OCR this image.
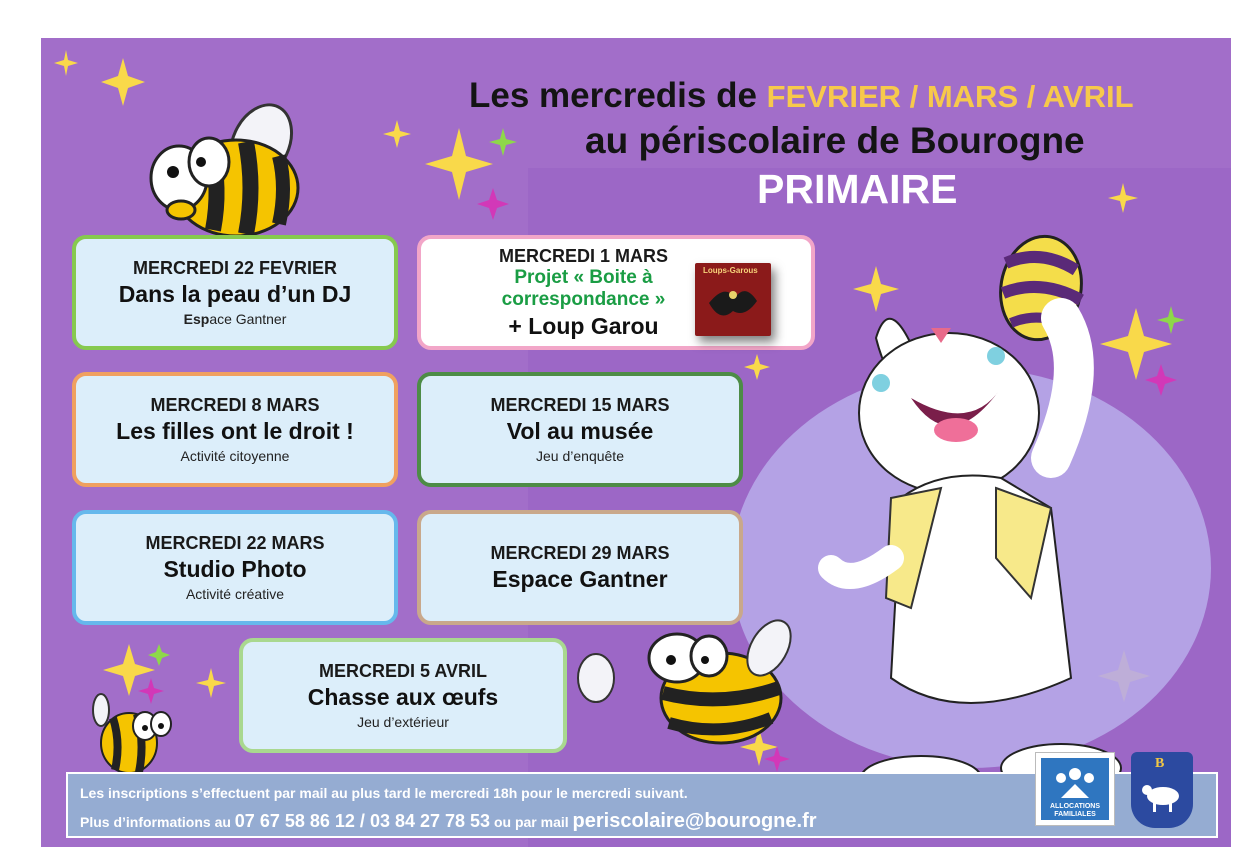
Les mercredis de FEVRIER / MARS / AVRIL
au périscolaire de Bourogne
PRIMAIRE
MERCREDI 22 FEVRIER
Dans la peau d’un DJ
Espace Gantner
MERCREDI 1 MARS
Projet « Boite à correspondance »
+ Loup Garou
Loups-Garous
MERCREDI 8 MARS
Les filles ont le droit !
Activité citoyenne
MERCREDI 15 MARS
Vol au musée
Jeu d’enquête
MERCREDI 22 MARS
Studio Photo
Activité créative
MERCREDI 29 MARS
Espace Gantner
MERCREDI 5 AVRIL
Chasse aux œufs
Jeu d’extérieur
Les inscriptions s’effectuent par mail au plus tard le mercredi 18h pour le mercredi suivant.
Plus d’informations au 07 67 58 86 12 / 03 84 27 78 53 ou par mail periscolaire@bourogne.fr
ALLOCATIONS
FAMILIALES
B
